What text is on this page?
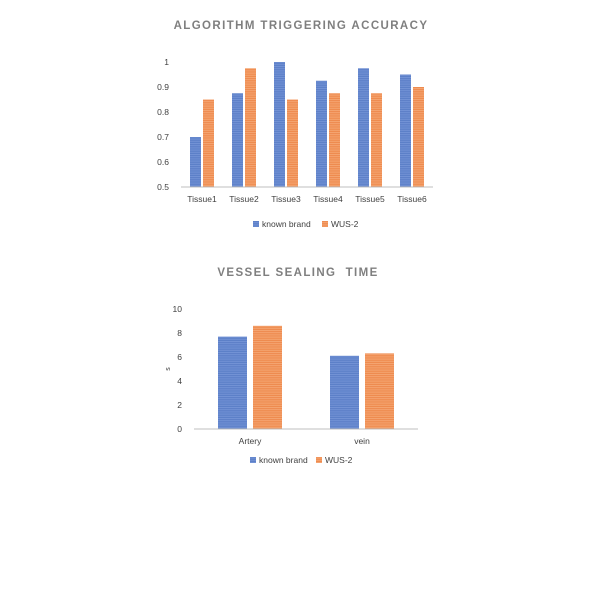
ALGORITHM TRIGGERING ACCURACY
0.5
0.6
0.7
0.8
0.9
1
Tissue1 Tissue2 Tissue3 Tissue4 Tissue5 Tissue6
known brand WUS-2
VESSEL SEALING  TIME
s
0
2
4
6
8
10
Artery	vein
known brand WUS-2
